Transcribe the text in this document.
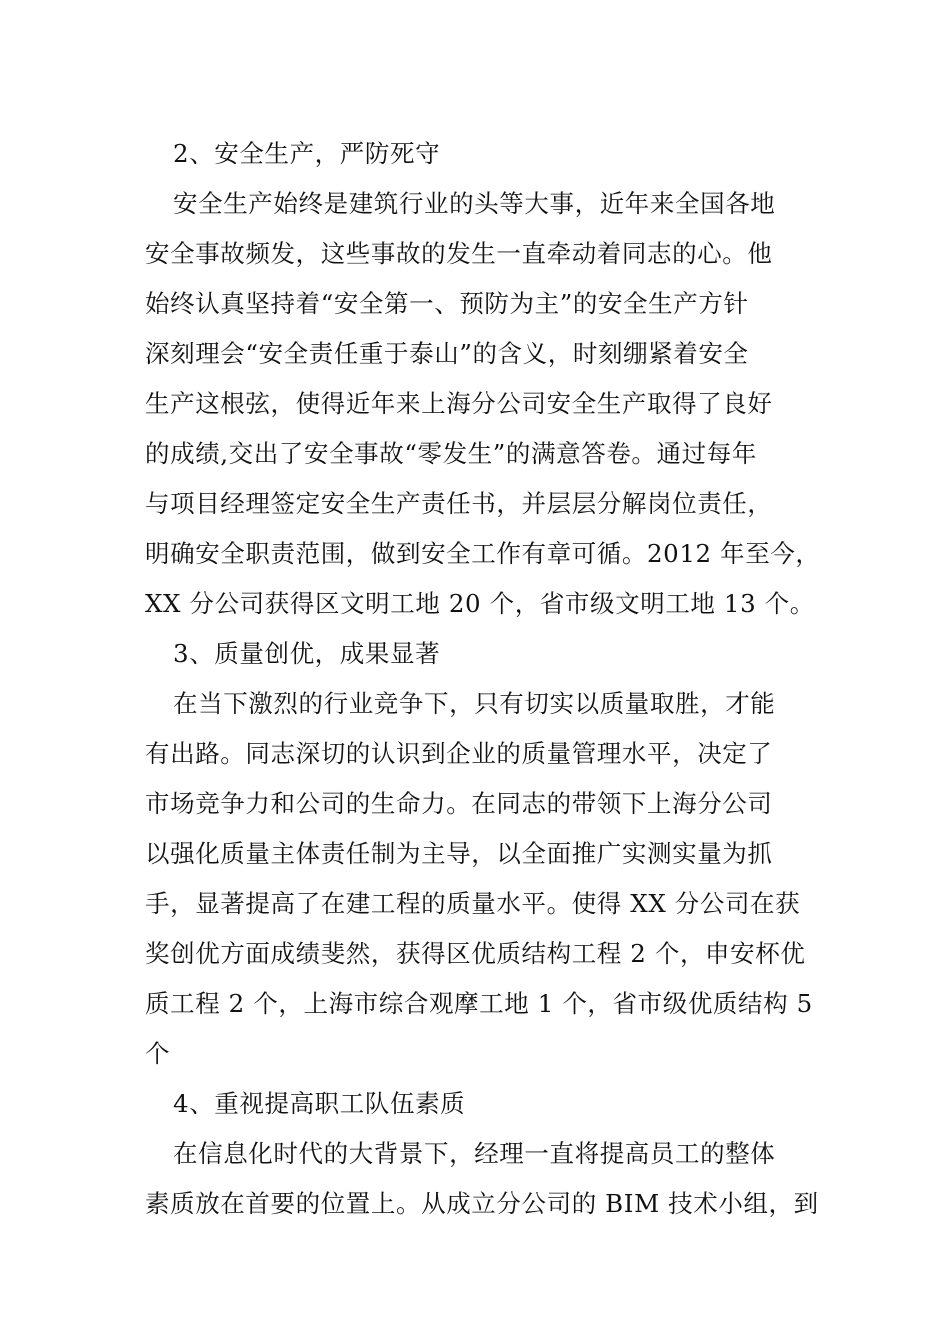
2、安全生产，严防死守
安全生产始终是建筑行业的头等大事，近年来全国各地
安全事故频发，这些事故的发生一直牵动着同志的心。他
始终认真坚持着“安全第一、预防为主”的安全生产方针
深刻理会“安全责任重于泰山”的含义，时刻绷紧着安全
生产这根弦，使得近年来上海分公司安全生产取得了良好
的成绩,交出了安全事故“零发生”的满意答卷。通过每年
与项目经理签定安全生产责任书，并层层分解岗位责任，
明确安全职责范围，做到安全工作有章可循。2012 年至今，
XX 分公司获得区文明工地 20 个，省市级文明工地 13 个。
3、质量创优，成果显著
在当下激烈的行业竞争下，只有切实以质量取胜，才能
有出路。同志深切的认识到企业的质量管理水平，决定了
市场竞争力和公司的生命力。在同志的带领下上海分公司
以强化质量主体责任制为主导，以全面推广实测实量为抓
手，显著提高了在建工程的质量水平。使得 XX 分公司在获
奖创优方面成绩斐然，获得区优质结构工程 2 个，申安杯优
质工程 2 个，上海市综合观摩工地 1 个，省市级优质结构 5
个
4、重视提高职工队伍素质
在信息化时代的大背景下，经理一直将提高员工的整体
素质放在首要的位置上。从成立分公司的 BIM 技术小组，到
